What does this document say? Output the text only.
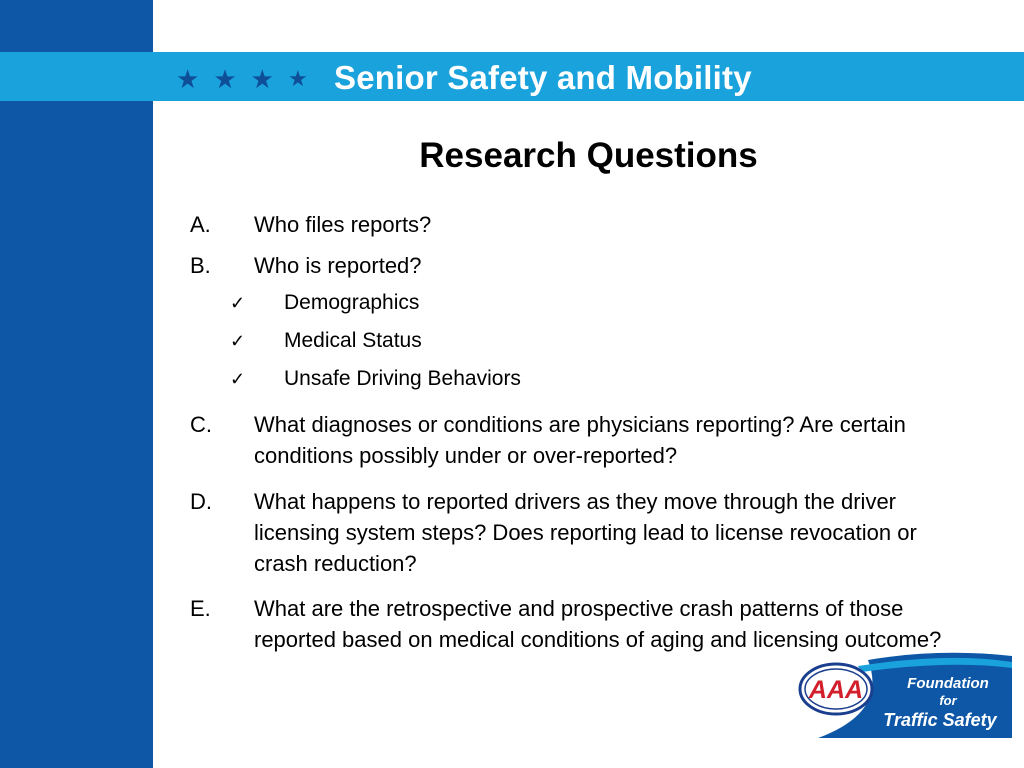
★ ★ ★ ★ Senior Safety and Mobility
Research Questions
A. Who files reports?
B. Who is reported?
✓ Demographics
✓ Medical Status
✓ Unsafe Driving Behaviors
C. What diagnoses or conditions are physicians reporting? Are certain conditions possibly under or over-reported?
D. What happens to reported drivers as they move through the driver licensing system steps? Does reporting lead to license revocation or crash reduction?
E. What are the retrospective and prospective crash patterns of those reported based on medical conditions of aging and licensing outcome?
AAA	Foundation
for
Traffic Safety
